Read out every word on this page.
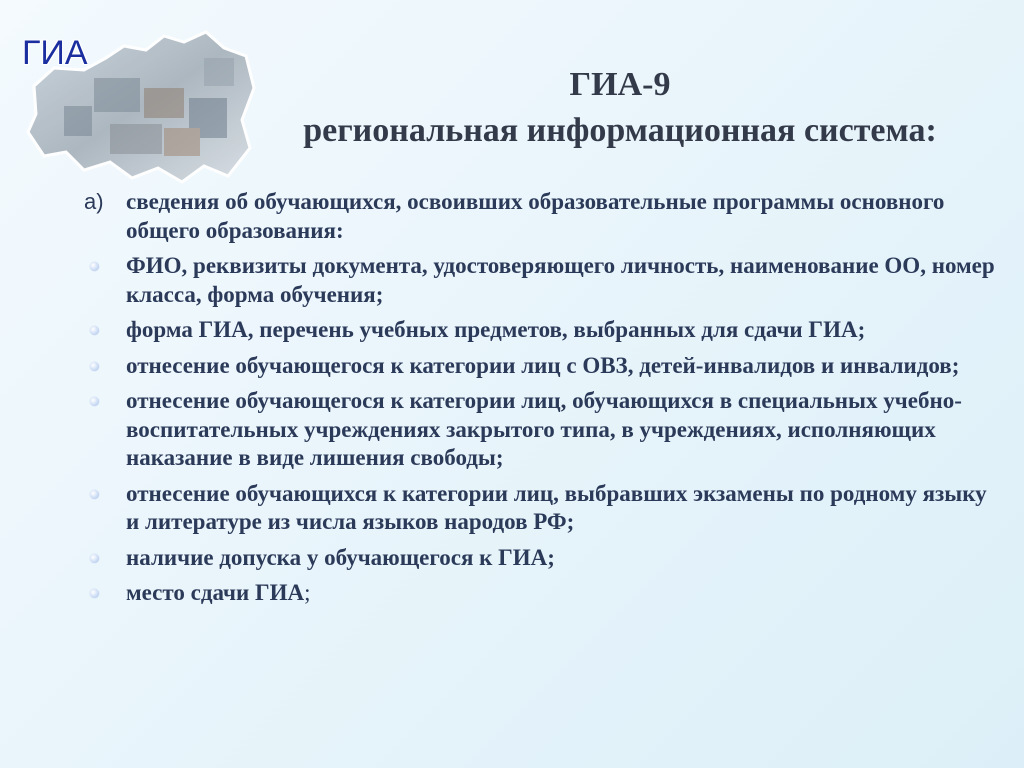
ГИА
ГИА-9
региональная информационная система:
а) сведения об обучающихся, освоивших образовательные программы основного общего образования:
ФИО, реквизиты документа, удостоверяющего личность, наименование ОО, номер класса, форма обучения;
форма ГИА, перечень учебных предметов, выбранных для сдачи ГИА;
отнесение обучающегося к категории лиц с ОВЗ, детей-инвалидов и инвалидов;
отнесение обучающегося к категории лиц, обучающихся в специальных учебно-воспитательных учреждениях закрытого типа, в учреждениях, исполняющих наказание в виде лишения свободы;
отнесение обучающихся к категории лиц, выбравших экзамены по родному языку и литературе из числа языков народов РФ;
наличие допуска у обучающегося к ГИА;
место сдачи ГИА;
